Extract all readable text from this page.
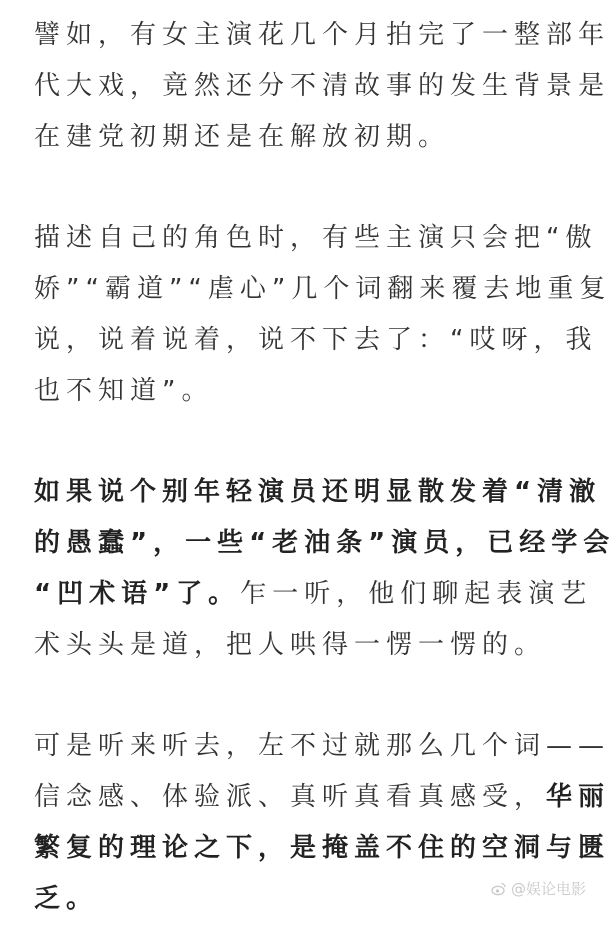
譬如，有女主演花几个月拍完了一整部年
代大戏，竟然还分不清故事的发生背景是
在建党初期还是在解放初期。

描述自己的角色时，有些主演只会把“傲
娇”“霸道”“虐心”几个词翻来覆去地重复
说，说着说着，说不下去了：“哎呀，我
也不知道”。

如果说个别年轻演员还明显散发着“清澈
的愚蠢”，一些“老油条”演员，已经学会
“凹术语”了。乍一听，他们聊起表演艺
术头头是道，把人哄得一愣一愣的。

可是听来听去，左不过就那么几个词——
信念感、体验派、真听真看真感受，华丽
繁复的理论之下，是掩盖不住的空洞与匮
乏。	@娱论电影
